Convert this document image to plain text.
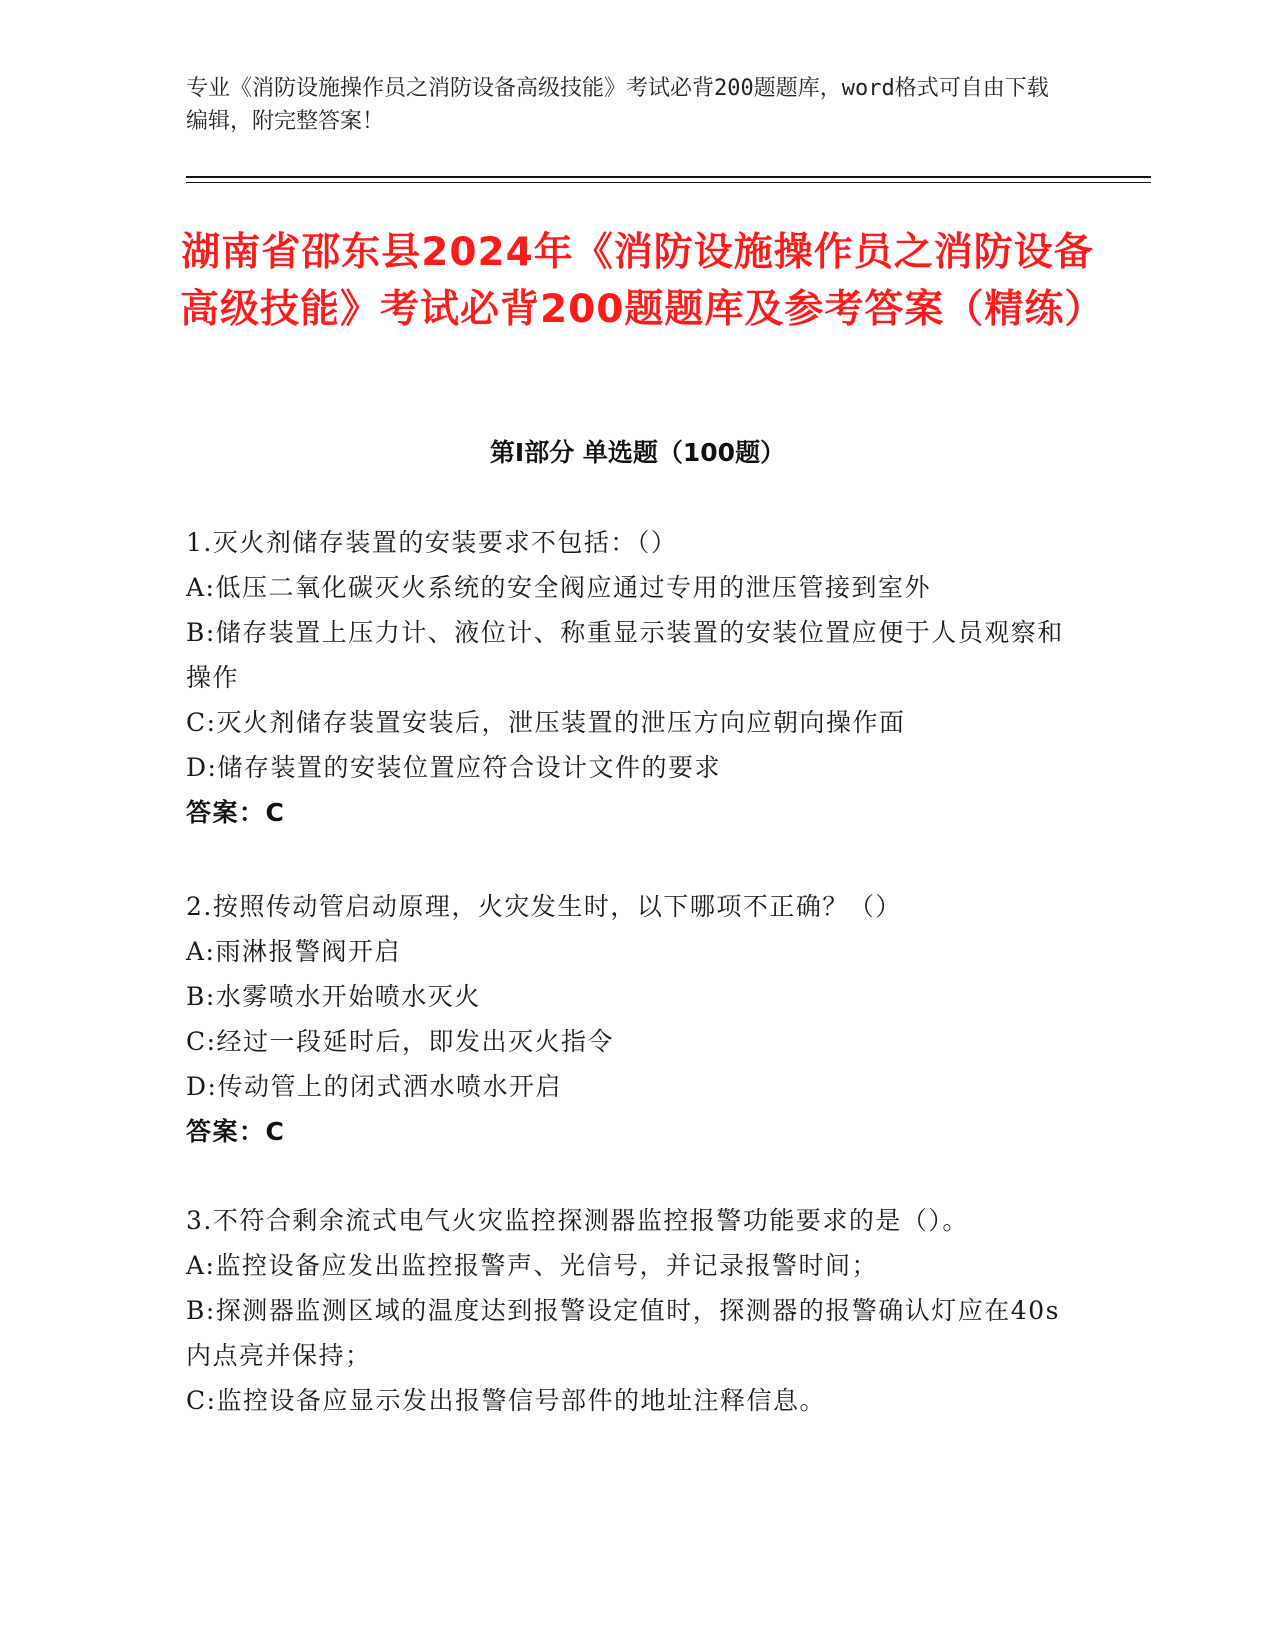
专业《消防设施操作员之消防设备高级技能》考试必背200题题库，word格式可自由下载编辑，附完整答案！
湖南省邵东县2024年《消防设施操作员之消防设备高级技能》考试必背200题题库及参考答案（精练）
第I部分 单选题（100题）

1.灭火剂储存装置的安装要求不包括：（）

A:低压二氧化碳灭火系统的安全阀应通过专用的泄压管接到室外

B:储存装置上压力计、液位计、称重显示装置的安装位置应便于人员观察和操作

C:灭火剂储存装置安装后，泄压装置的泄压方向应朝向操作面

D:储存装置的安装位置应符合设计文件的要求

答案：C

2.按照传动管启动原理，火灾发生时，以下哪项不正确？（）

A:雨淋报警阀开启

B:水雾喷水开始喷水灭火

C:经过一段延时后，即发出灭火指令

D:传动管上的闭式洒水喷水开启

答案：C

3.不符合剩余流式电气火灾监控探测器监控报警功能要求的是（）。

A:监控设备应发出监控报警声、光信号，并记录报警时间；

B:探测器监测区域的温度达到报警设定值时，探测器的报警确认灯应在40s内点亮并保持；

C:监控设备应显示发出报警信号部件的地址注释信息。
